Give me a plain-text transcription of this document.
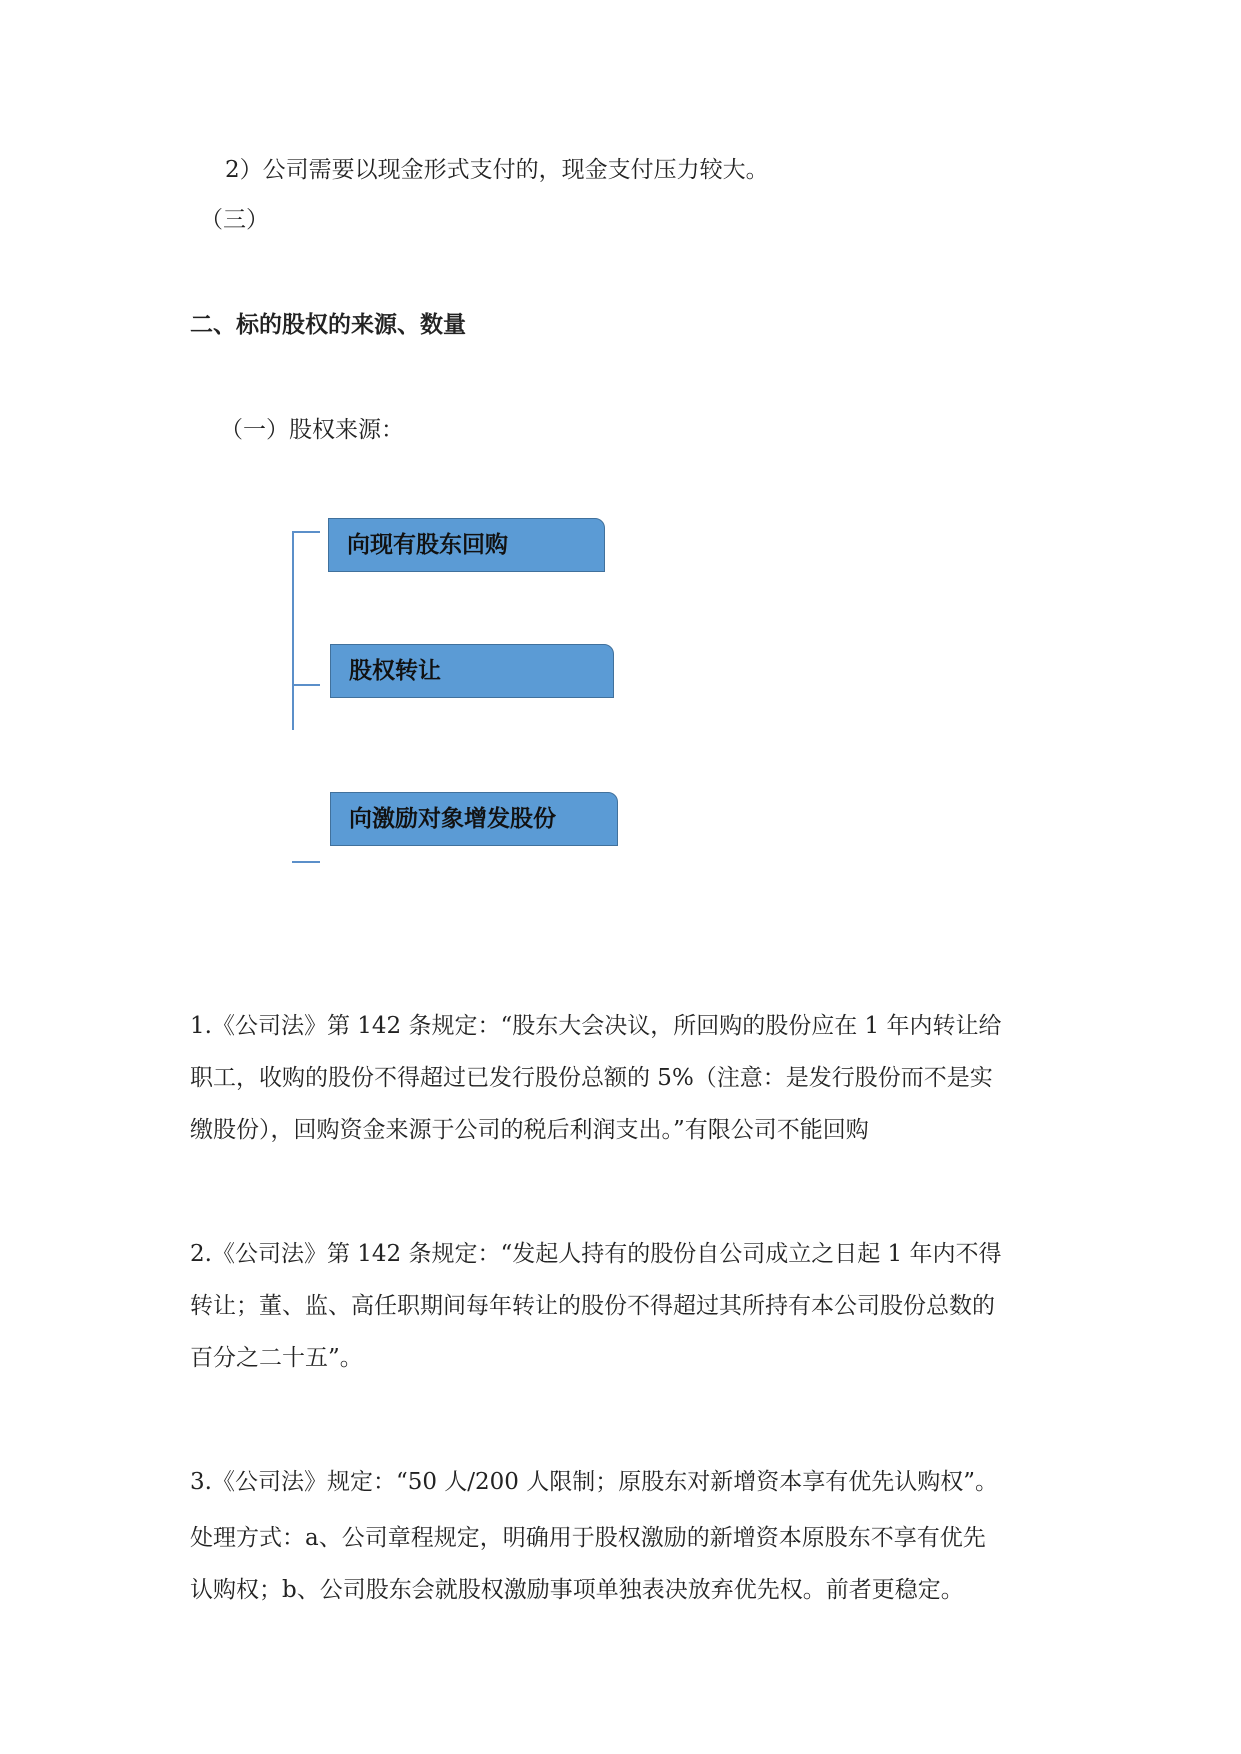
2）公司需要以现金形式支付的，现金支付压力较大。
（三）
二、标的股权的来源、数量
（一）股权来源：
向现有股东回购
股权转让
向激励对象增发股份
1.《公司法》第 142 条规定：“股东大会决议，所回购的股份应在 1 年内转让给
职工，收购的股份不得超过已发行股份总额的 5%（注意：是发行股份而不是实
缴股份），回购资金来源于公司的税后利润支出。”有限公司不能回购
2.《公司法》第 142 条规定：“发起人持有的股份自公司成立之日起 1 年内不得
转让；董、监、高任职期间每年转让的股份不得超过其所持有本公司股份总数的
百分之二十五”。
3.《公司法》规定：“50 人/200 人限制；原股东对新增资本享有优先认购权”。
处理方式：a、公司章程规定，明确用于股权激励的新增资本原股东不享有优先
认购权；b、公司股东会就股权激励事项单独表决放弃优先权。前者更稳定。
